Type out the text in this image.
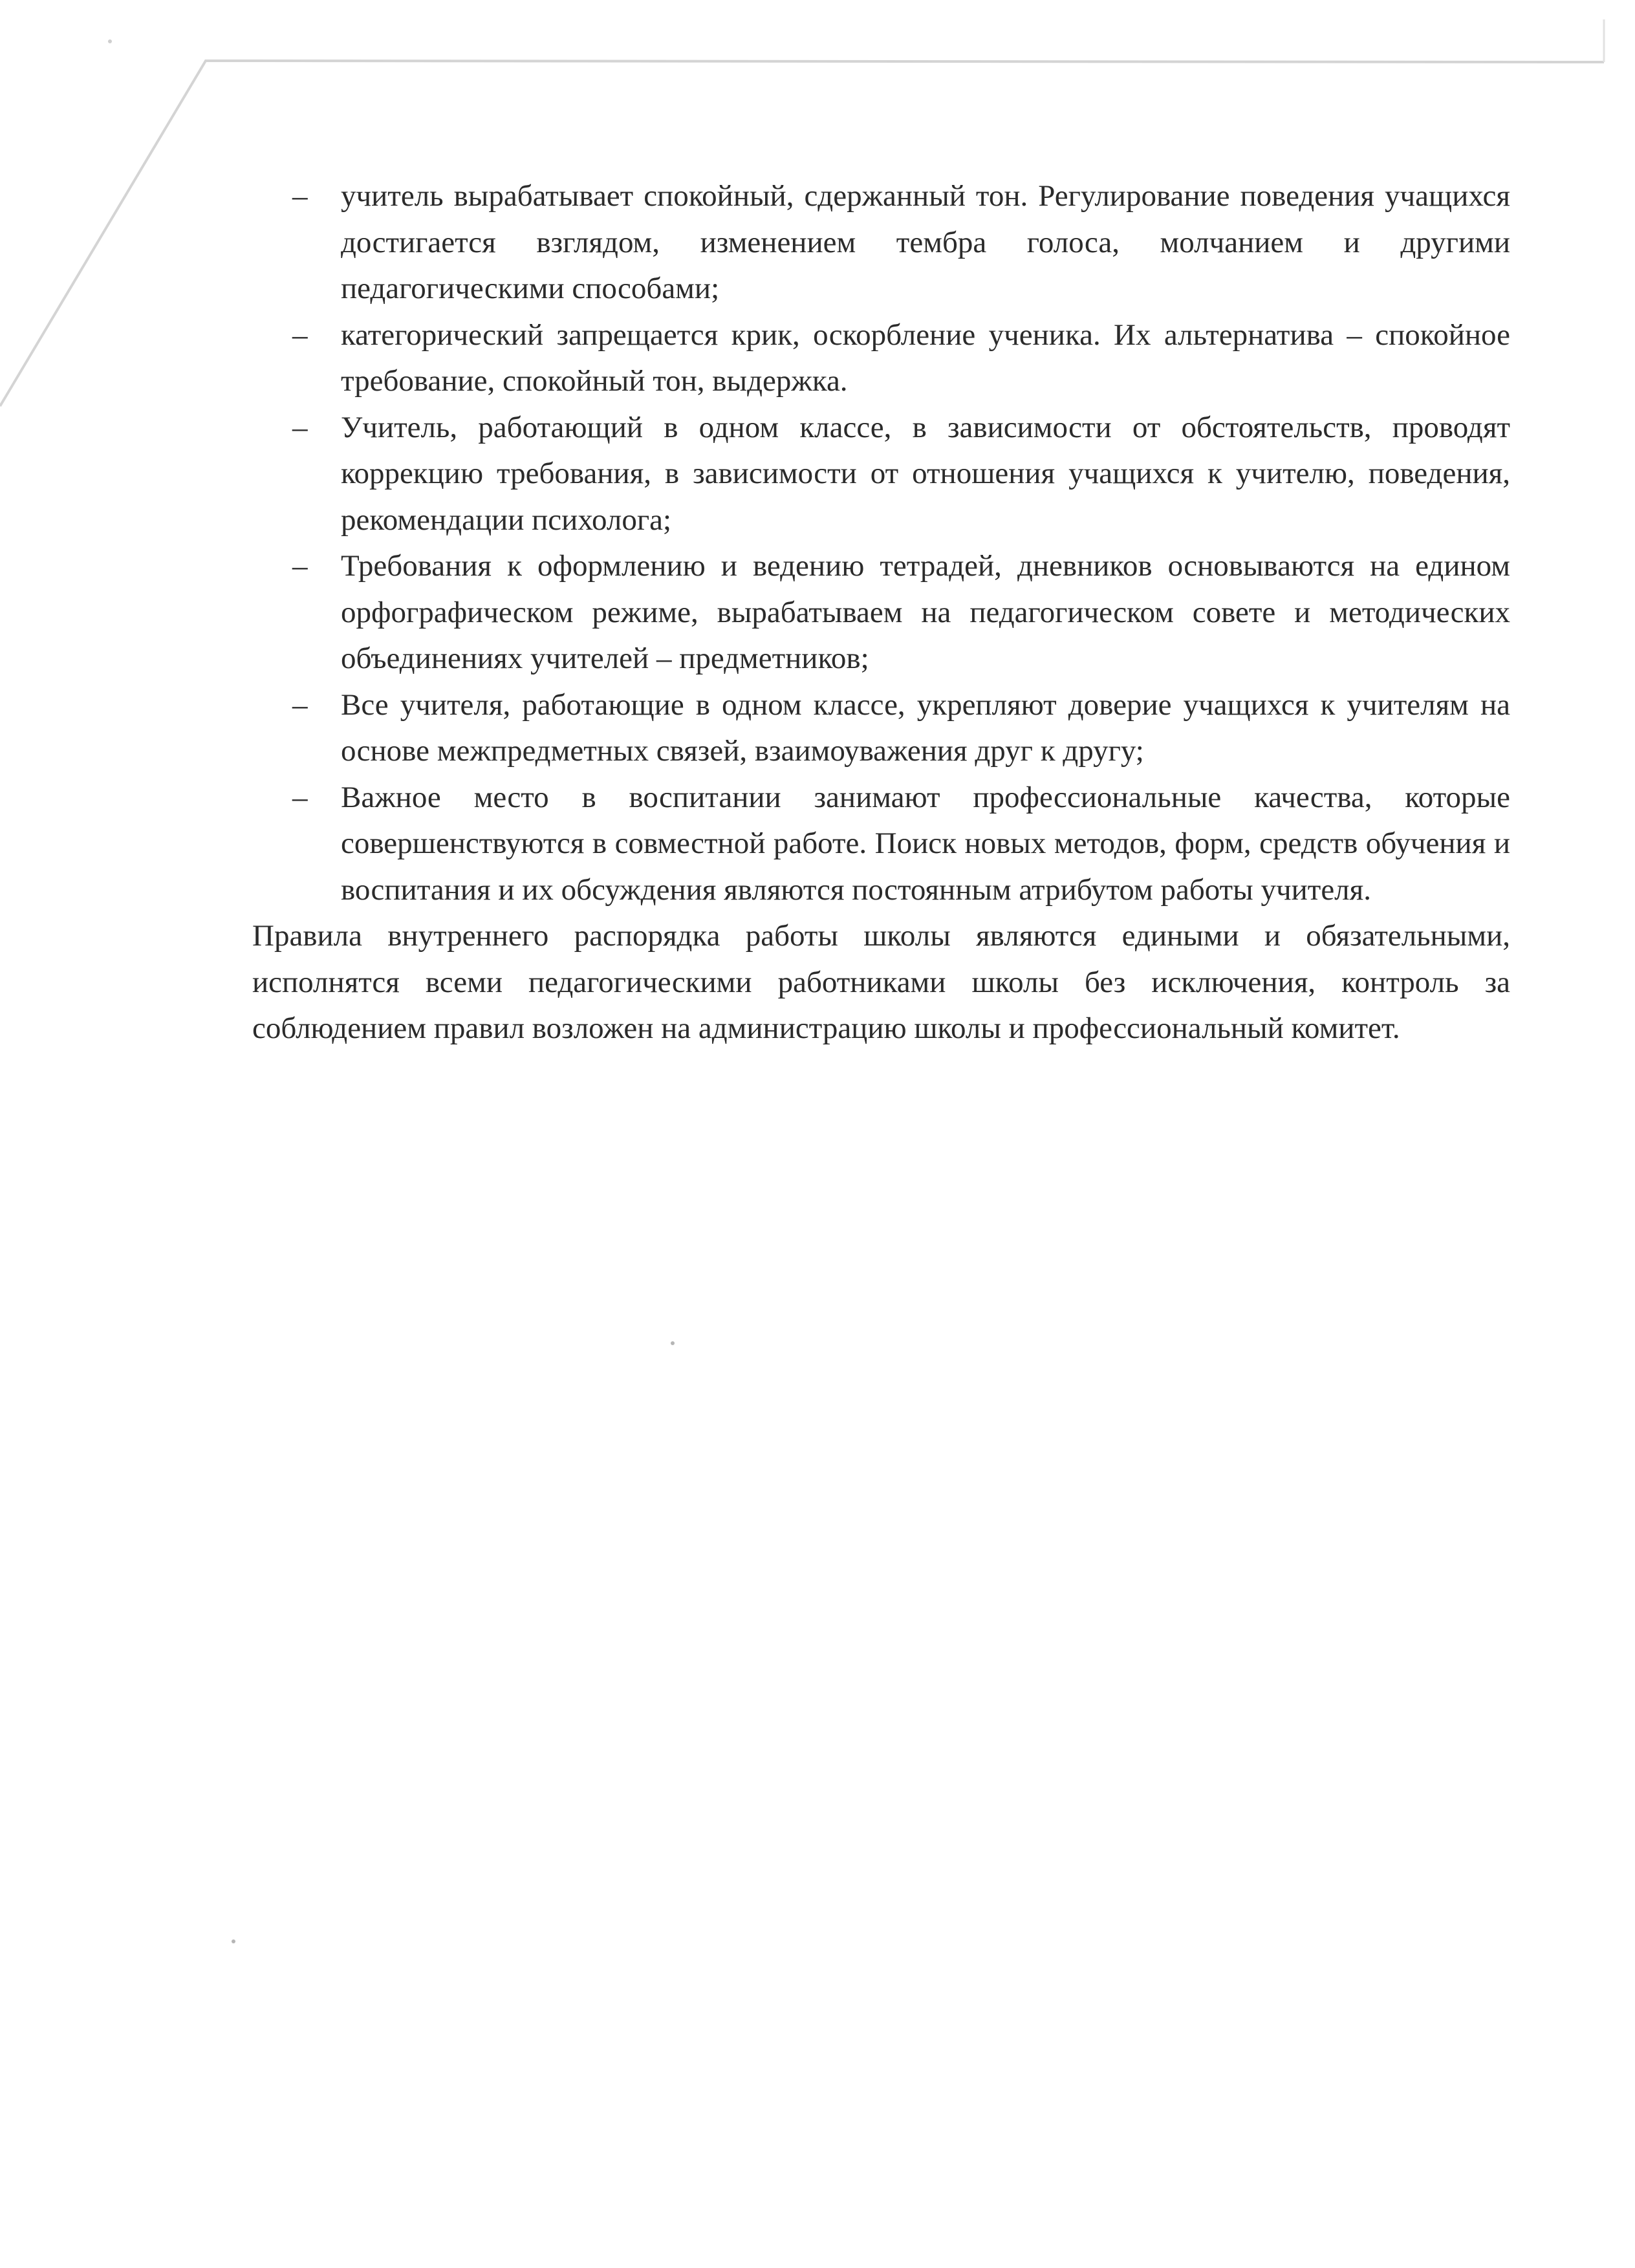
– учитель вырабатывает спокойный, сдержанный тон. Регулирование поведения учащихся достигается взглядом, изменением тембра голоса, молчанием и другими педагогическими способами;
– категорический запрещается крик, оскорбление ученика. Их альтернатива – спокойное требование, спокойный тон, выдержка.
– Учитель, работающий в одном классе, в зависимости от обстоятельств, проводят коррекцию требования, в зависимости от отношения учащихся к учителю, поведения, рекомендации психолога;
– Требования к оформлению и ведению тетрадей, дневников основываются на едином орфографическом режиме, вырабатываем на педагогическом совете и методических объединениях учителей – предметников;
– Все учителя, работающие в одном классе, укрепляют доверие учащихся к учителям на основе межпредметных связей, взаимоуважения друг к другу;
– Важное место в воспитании занимают профессиональные качества, которые совершенствуются в совместной работе. Поиск новых методов, форм, средств обучения и воспитания и их обсуждения являются постоянным атрибутом работы учителя.

Правила внутреннего распорядка работы школы являются едиными и обязательными, исполнятся всеми педагогическими работниками школы без исключения, контроль за соблюдением правил возложен на администрацию школы и профессиональный комитет.
